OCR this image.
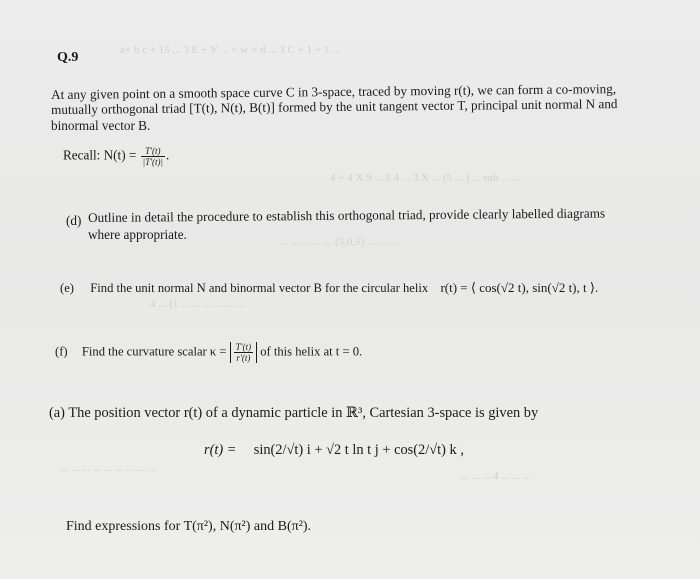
a+ b c + 15 ... 3 E + V ... = w = d ... 3 C + 1 + 1 ...
4 + 4 X 9 ... 5 4 ... 3 X ... (5 ... ) ... sub ... ...
... ... ... ... ... (5,0,5) ... ... ...
4 ... (1 ... ... ... ... ... ...
... ... ... ... ... ... ... ... ...
... ... ... 4 ... ... ...
Q.9
At any given point on a smooth space curve C in 3-space, traced by moving r(t), we can form a co-moving,
mutually orthogonal triad [T(t), N(t), B(t)] formed by the unit tangent vector T, principal unit normal N and
binormal vector B.
Recall: $N(t) = \frac{T'(t)}{|T'(t)|}$ .
(d) Outline in detail the procedure to establish this orthogonal triad, provide clearly labelled diagrams
where appropriate.
(e) Find the unit normal N and binormal vector B for the circular helix r(t) = ⟨ cos(√2 t), sin(√2 t), t ⟩.
(f) Find the curvature scalar $\kappa = \frac{T'(t)}{r'(t)}$ of this helix at t = 0.
(a) The position vector r(t) of a dynamic particle in ℝ³, Cartesian 3-space is given by
r(t) = sin(2/√t) i + √2 t ln t j + cos(2/√t) k ,
Find expressions for T(π²), N(π²) and B(π²).
